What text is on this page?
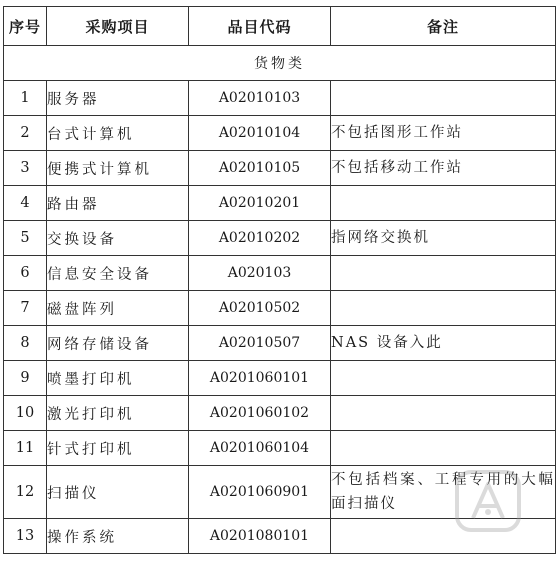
序号	采购项目	品目代码	备注
货物类			
1	服务器	A02010103	
2	台式计算机	A02010104	不包括图形工作站
3	便携式计算机	A02010105	不包括移动工作站
4	路由器	A02010201	
5	交换设备	A02010202	指网络交换机
6	信息安全设备	A020103	
7	磁盘阵列	A02010502	
8	网络存储设备	A02010507	NAS 设备入此
9	喷墨打印机	A0201060101	
10	激光打印机	A0201060102	
11	针式打印机	A0201060104	
12	扫描仪	A0201060901	不包括档案、工程专用的大幅面扫描仪
13	操作系统	A0201080101	
